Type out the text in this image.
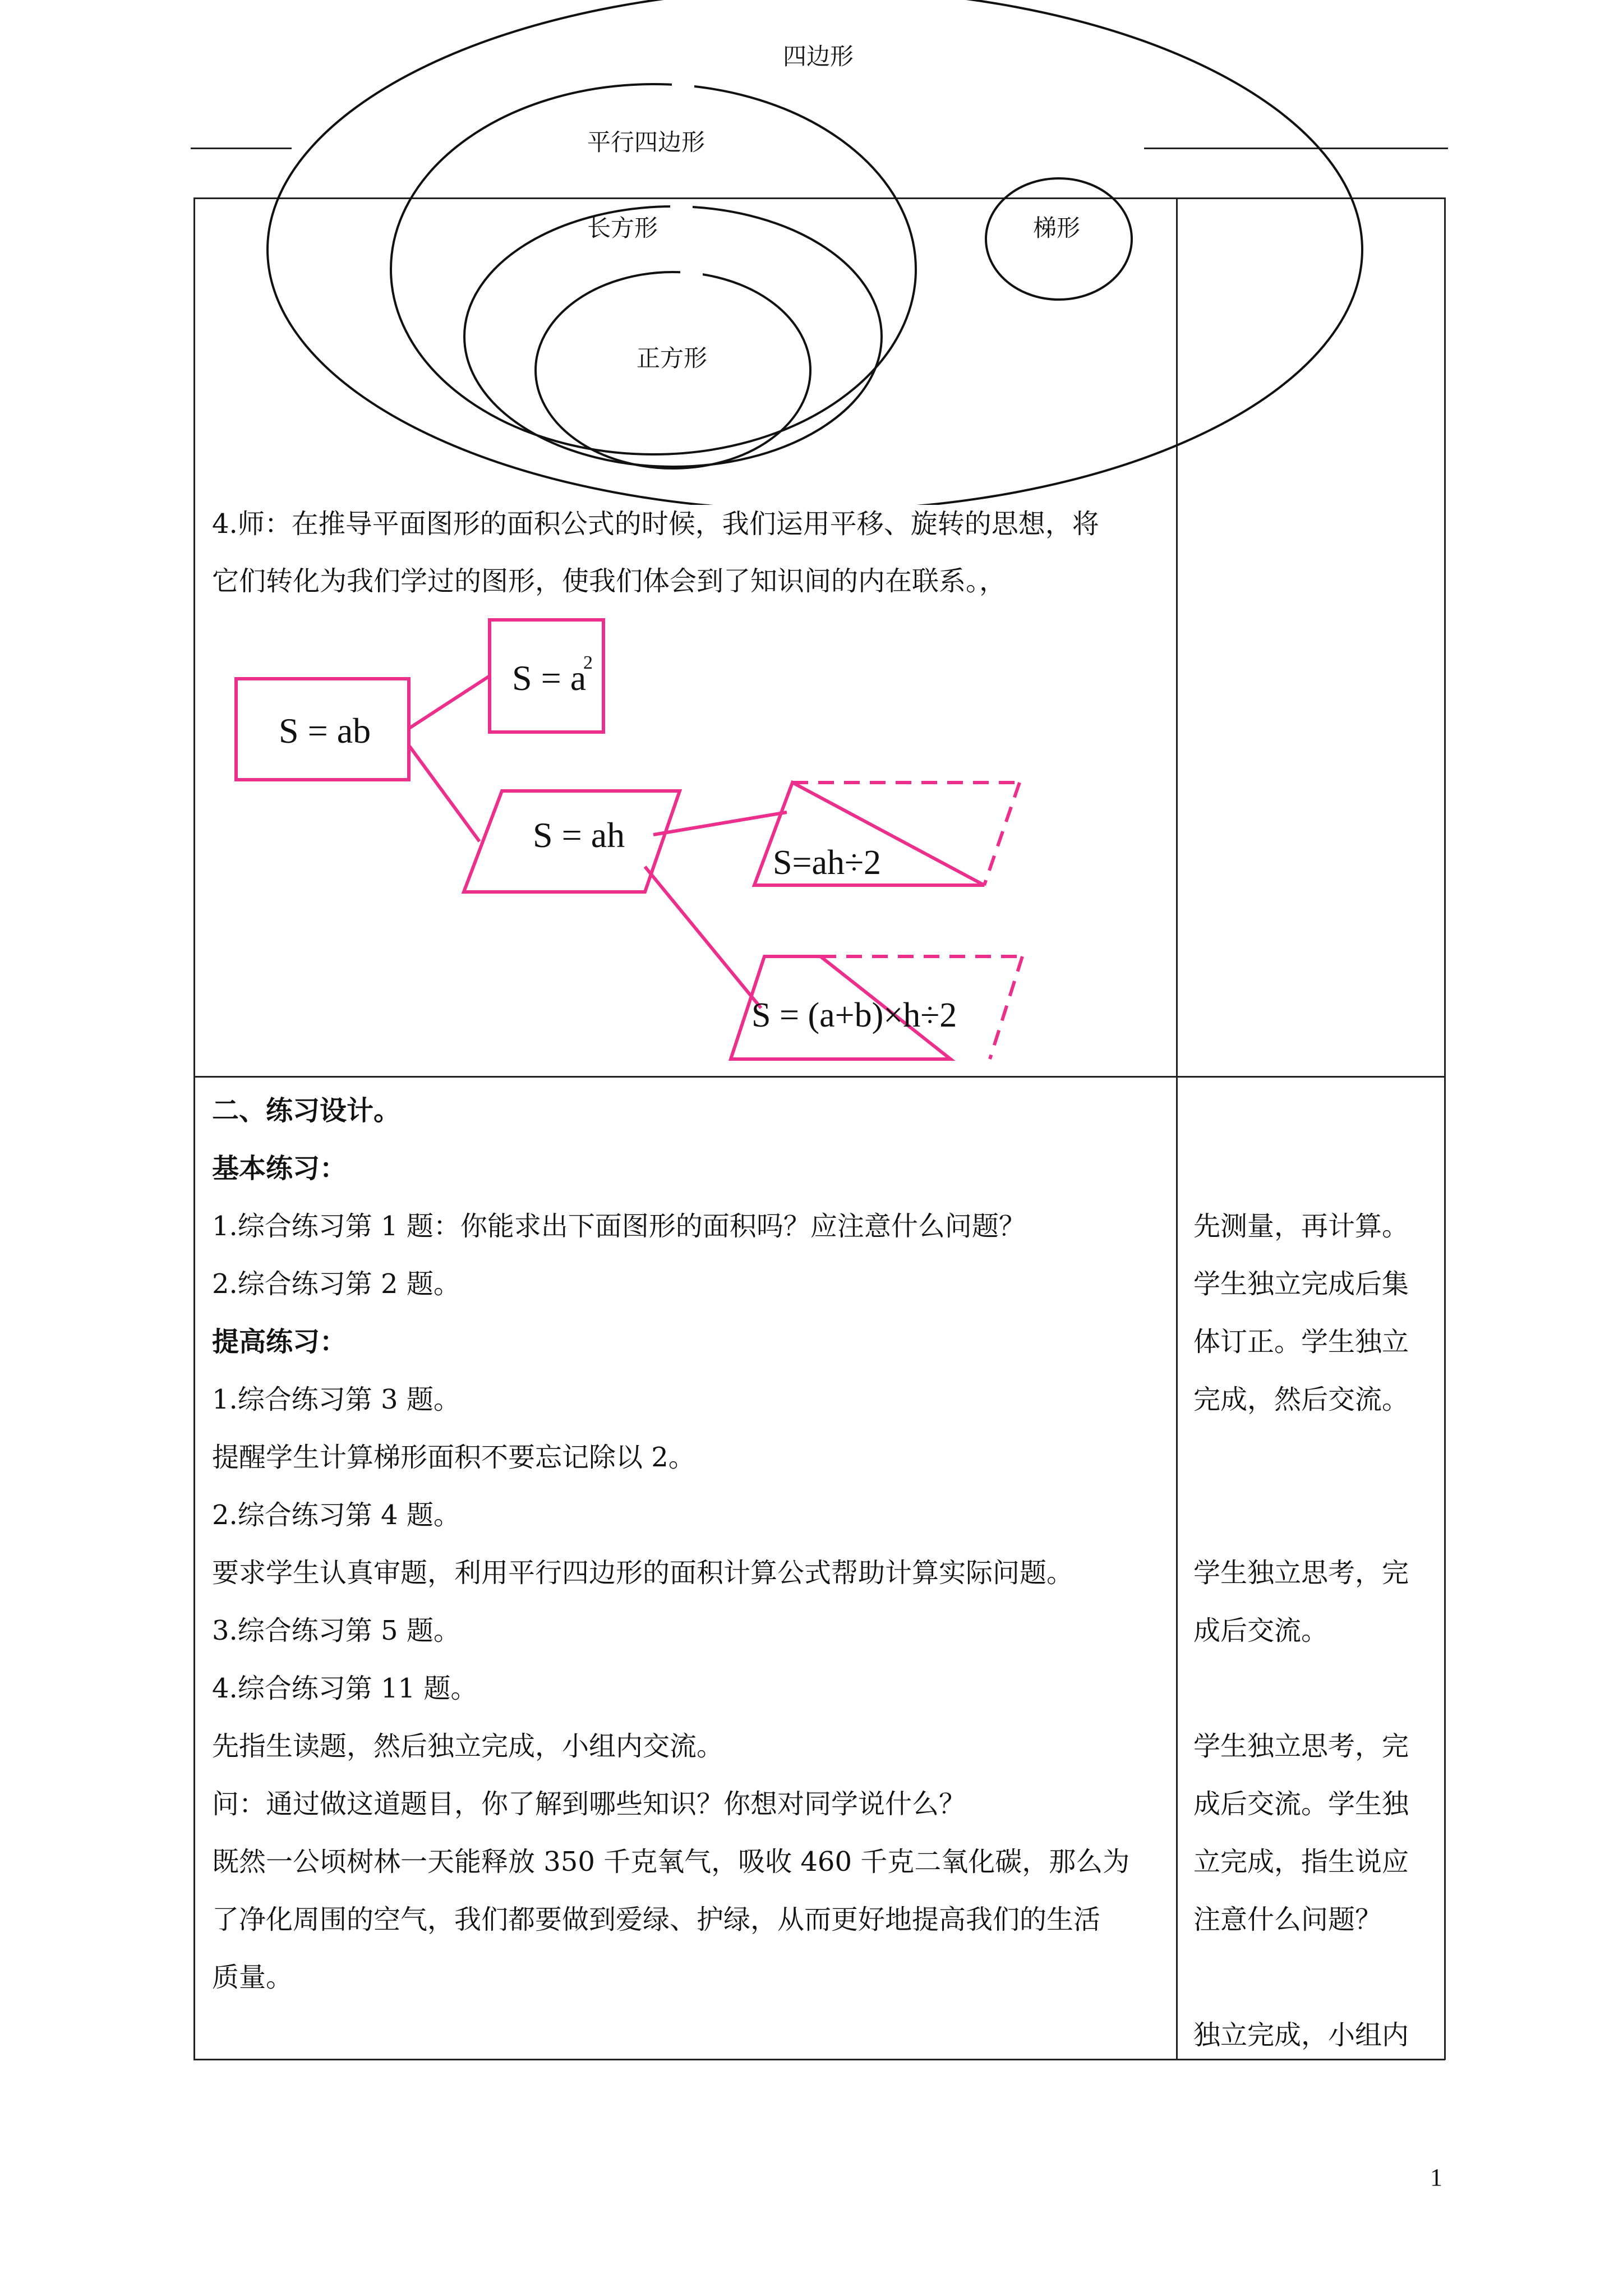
四边形
平行四边形
长方形
正方形
梯形
4.师：在推导平面图形的面积公式的时候，我们运用平移、旋转的思想，将
它们转化为我们学过的图形，使我们体会到了知识间的内在联系。，
S = ab
S = a
2
S = ah
S=ah÷2
S = (a+b)×h÷2
二、练习设计。
基本练习：
1.综合练习第 1 题：你能求出下面图形的面积吗？应注意什么问题？
2.综合练习第 2 题。
提高练习：
1.综合练习第 3 题。
提醒学生计算梯形面积不要忘记除以 2。
2.综合练习第 4 题。
要求学生认真审题，利用平行四边形的面积计算公式帮助计算实际问题。
3.综合练习第 5 题。
4.综合练习第 11 题。
先指生读题，然后独立完成，小组内交流。
问：通过做这道题目，你了解到哪些知识？你想对同学说什么？
既然一公顷树林一天能释放 350 千克氧气，吸收 460 千克二氧化碳，那么为
了净化周围的空气，我们都要做到爱绿、护绿，从而更好地提高我们的生活
质量。
先测量，再计算。
学生独立完成后集
体订正。学生独立
完成，然后交流。
学生独立思考，完
成后交流。
学生独立思考，完
成后交流。学生独
立完成，指生说应
注意什么问题？
独立完成，小组内
1
